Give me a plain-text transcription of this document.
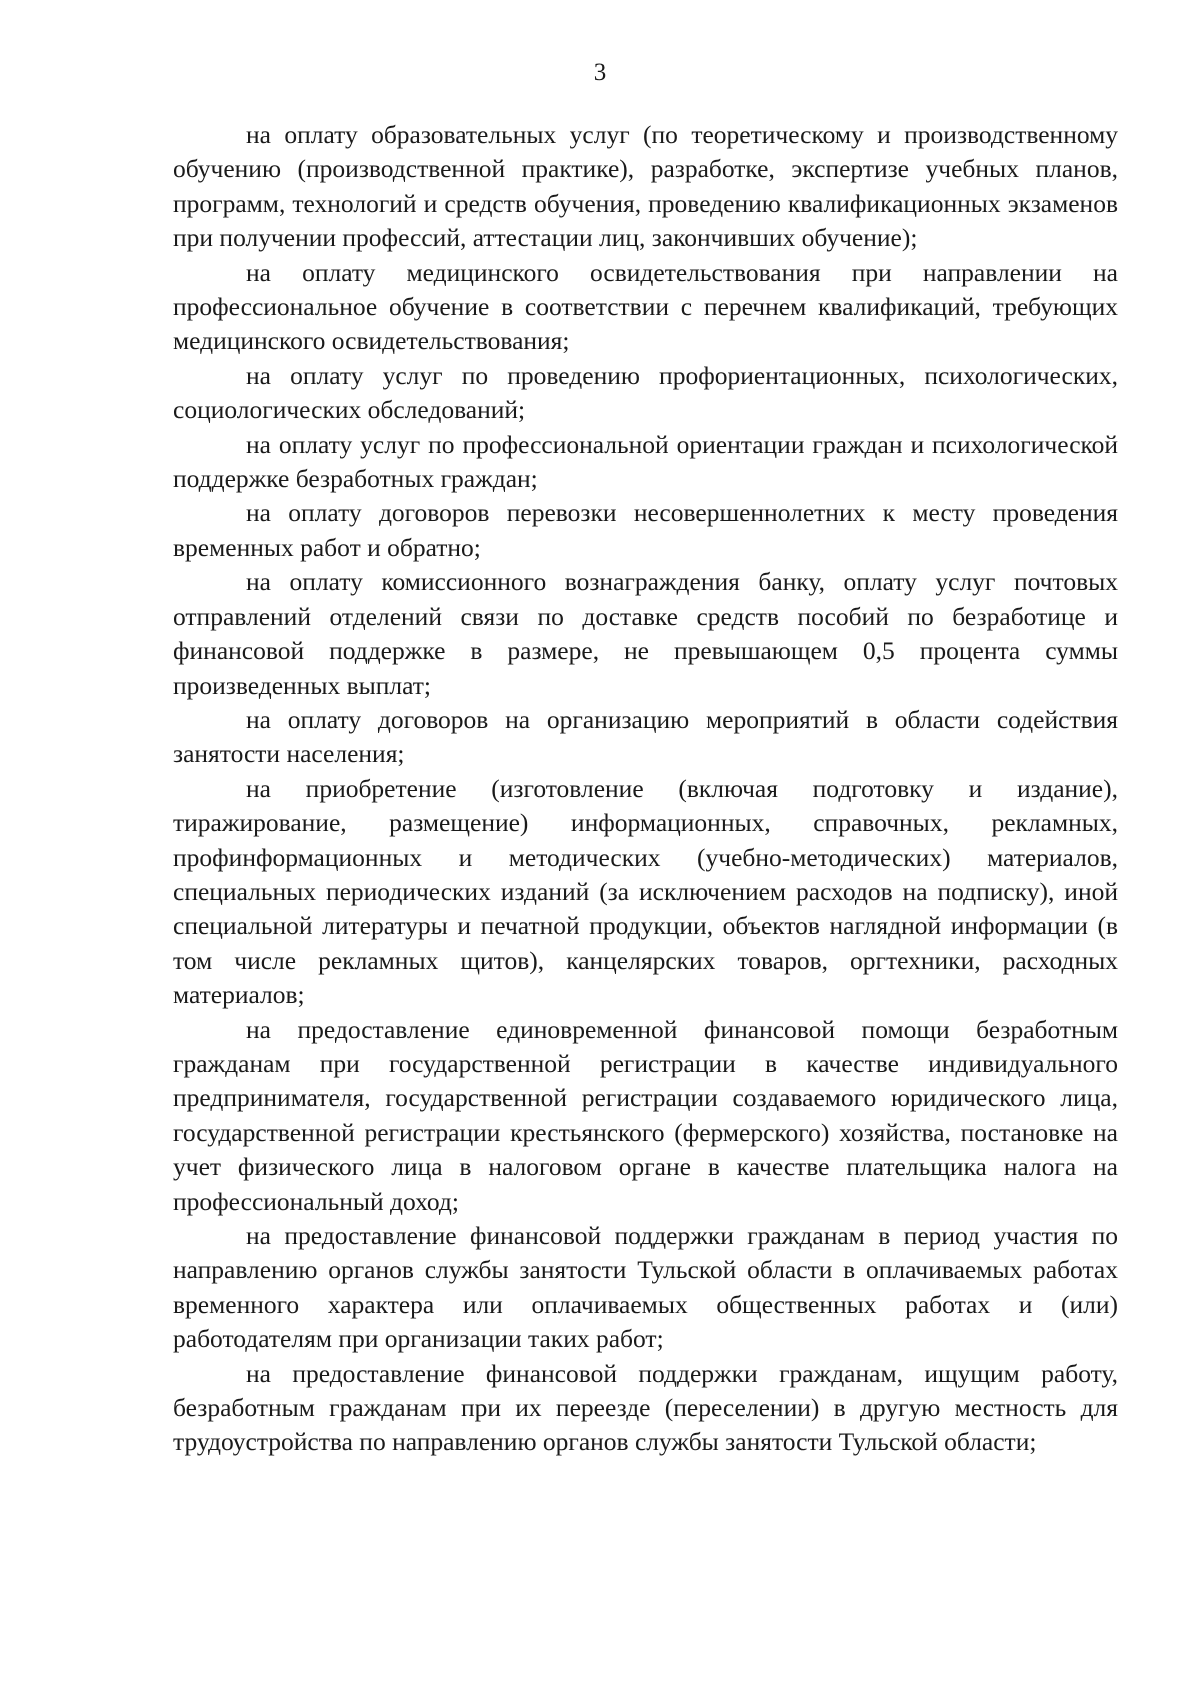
3

на оплату образовательных услуг (по теоретическому и производственному обучению (производственной практике), разработке, экспертизе учебных планов, программ, технологий и средств обучения, проведению квалификационных экзаменов при получении профессий, аттестации лиц, закончивших обучение);

на оплату медицинского освидетельствования при направлении на профессиональное обучение в соответствии с перечнем квалификаций, требующих медицинского освидетельствования;

на оплату услуг по проведению профориентационных, психологических, социологических обследований;

на оплату услуг по профессиональной ориентации граждан и психологической поддержке безработных граждан;

на оплату договоров перевозки несовершеннолетних к месту проведения временных работ и обратно;

на оплату комиссионного вознаграждения банку, оплату услуг почтовых отправлений отделений связи по доставке средств пособий по безработице и финансовой поддержке в размере, не превышающем 0,5 процента суммы произведенных выплат;

на оплату договоров на организацию мероприятий в области содействия занятости населения;

на приобретение (изготовление (включая подготовку и издание), тиражирование, размещение) информационных, справочных, рекламных, профинформационных и методических (учебно-методических) материалов, специальных периодических изданий (за исключением расходов на подписку), иной специальной литературы и печатной продукции, объектов наглядной информации (в том числе рекламных щитов), канцелярских товаров, оргтехники, расходных материалов;

на предоставление единовременной финансовой помощи безработным гражданам при государственной регистрации в качестве индивидуального предпринимателя, государственной регистрации создаваемого юридического лица, государственной регистрации крестьянского (фермерского) хозяйства, постановке на учет физического лица в налоговом органе в качестве плательщика налога на профессиональный доход;

на предоставление финансовой поддержки гражданам в период участия по направлению органов службы занятости Тульской области в оплачиваемых работах временного характера или оплачиваемых общественных работах и (или) работодателям при организации таких работ;

на предоставление финансовой поддержки гражданам, ищущим работу, безработным гражданам при их переезде (переселении) в другую местность для трудоустройства по направлению органов службы занятости Тульской области;
